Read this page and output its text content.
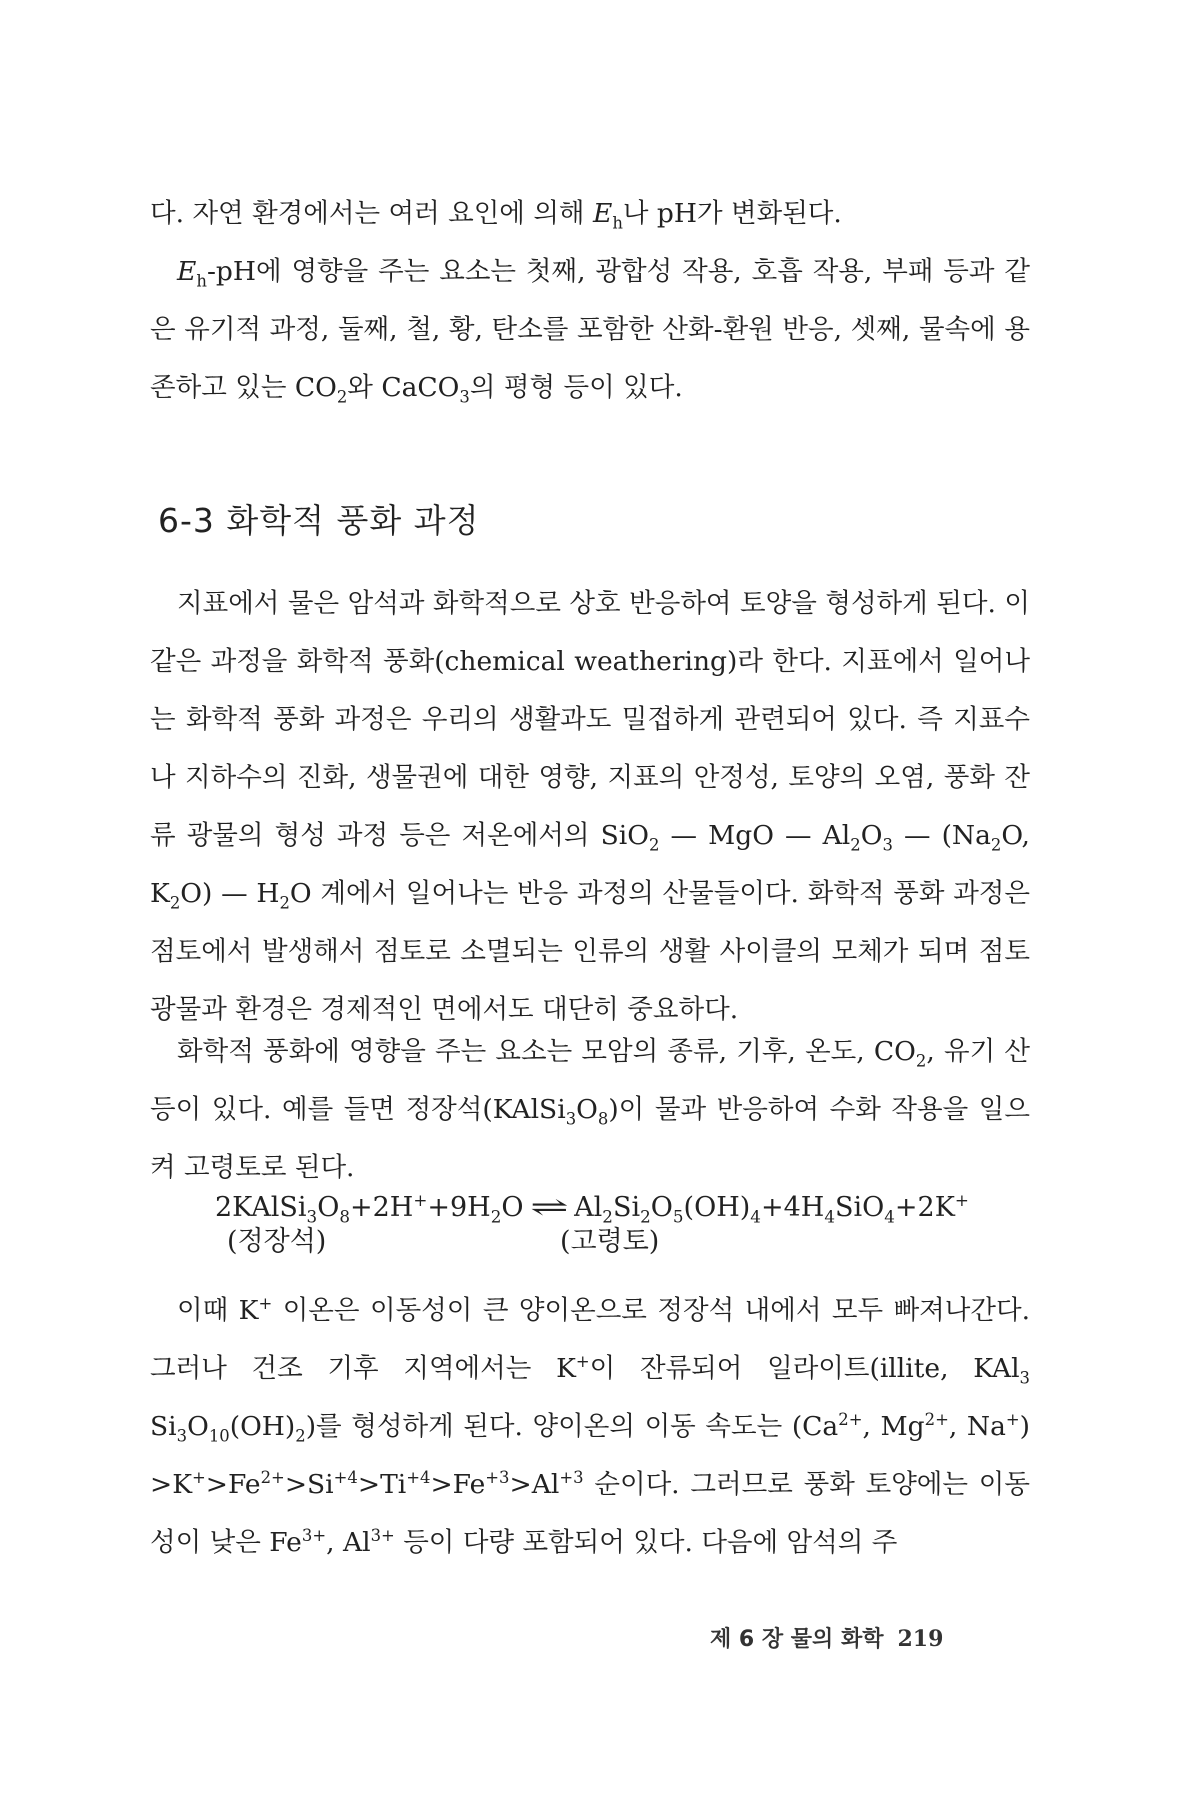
다. 자연 환경에서는 여러 요인에 의해 $E_h$나 pH가 변화된다.

$E_h-pH$에 영향을 주는 요소는 첫째, 광합성 작용, 호흡 작용, 부패 등과 같은 유기적 과정, 둘째, 철, 황, 탄소를 포함한 산화-환원 반응, 셋째, 물속에 용존하고 있는 $CO_2$와 CaCO$_3$의 평형 등이 있다.

6-3 화학적 풍화 과정

지표에서 물은 암석과 화학적으로 상호 반응하여 토양을 형성하게 된다. 이같은 과정을 화학적 풍화(chemical weathering)라 한다. 지표에서 일어나는 화학적 풍화 과정은 우리의 생활과도 밀접하게 관련되어 있다. 즉 지표수나 지하수의 진화, 생물권에 대한 영향, 지표의 안정성, 토양의 오염, 풍화 잔류 광물의 형성 과정 등은 저온에서의 SiO$_2$ — MgO — $Al_2O_3$ — ($Na_2O$, $K_2O$) — $H_2O$ 계에서 일어나는 반응 과정의 산물들이다. 화학적 풍화 과정은 점토에서 발생해서 점토로 소멸되는 인류의 생활 사이클의 모체가 되며 점토 광물과 환경은 경제적인 면에서도 대단히 중요하다.

화학적 풍화에 영향을 주는 요소는 모암의 종류, 기후, 온도, $CO_2$, 유기 산 등이 있다. 예를 들면 정장석$(KAlSi_3O_8)$이 물과 반응하여 수화 작용을 일으켜 고령토로 된다.

$2KAlSi_3O_8+2H^++9H_2O$ ⇌ $Al_2Si_2O_5(OH)_4+4H_4SiO_4+2K^+$
(정장석)	(고령토)

이때 K+ 이온은 이동성이 큰 양이온으로 정장석 내에서 모두 빠져나간다. 그러나 건조 기후 지역에서는 K+이 잔류되어 일라이트(illite, KAl$_3$ $Si_3O_{10}(OH)_2$)를 형성하게 된다. 양이온의 이동 속도는 ($Ca^{2+}$, $Mg^{2+}$, $Na^+) >K^+>Fe^{2+}>Si^{+4}>Ti^{+4}>Fe^{+3}>Al^{+3}$ 순이다. 그러므로 풍화 토양에는 이동성이 낮은 $Fe^{3+}$, $Al^{3+}$ 등이 다량 포함되어 있다. 다음에 암석의 주

제 6 장 물의 화학 219
